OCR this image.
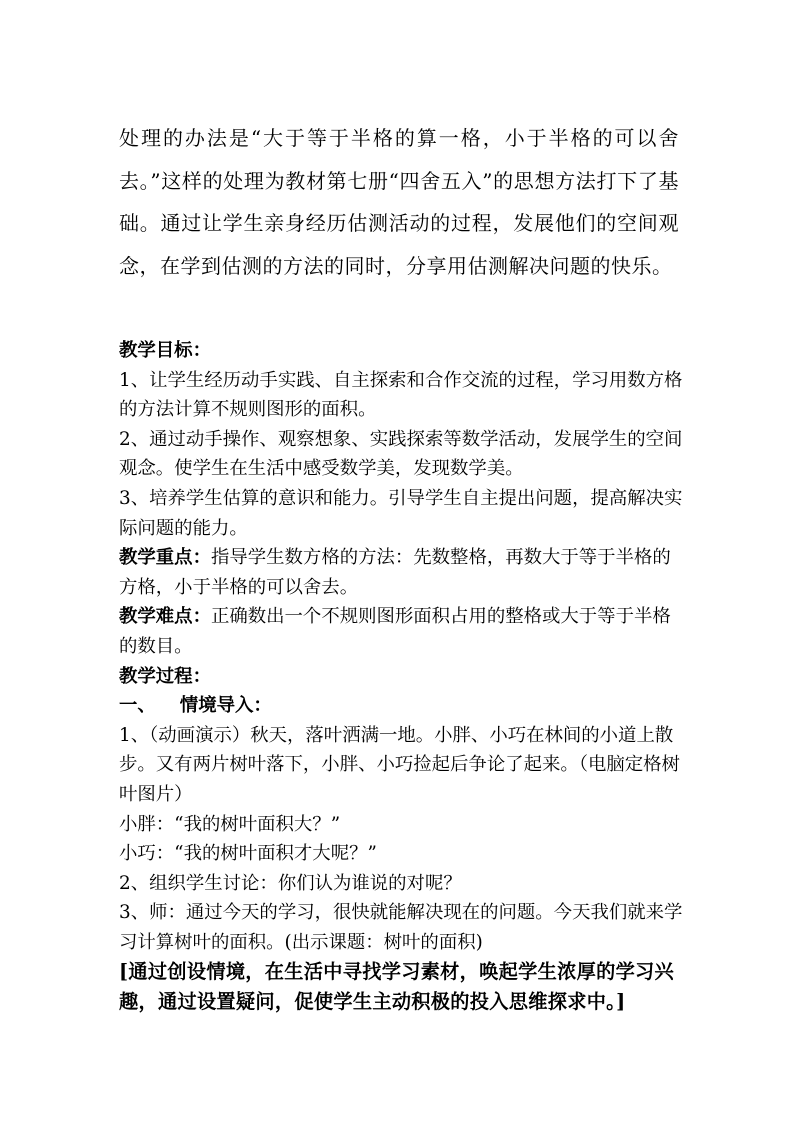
处理的办法是“大于等于半格的算一格，小于半格的可以舍去。”这样的处理为教材第七册“四舍五入”的思想方法打下了基础。通过让学生亲身经历估测活动的过程，发展他们的空间观念，在学到估测的方法的同时，分享用估测解决问题的快乐。

教学目标：

1、让学生经历动手实践、自主探索和合作交流的过程，学习用数方格的方法计算不规则图形的面积。

2、通过动手操作、观察想象、实践探索等数学活动，发展学生的空间观念。使学生在生活中感受数学美，发现数学美。

3、培养学生估算的意识和能力。引导学生自主提出问题，提高解决实际问题的能力。

教学重点：指导学生数方格的方法：先数整格，再数大于等于半格的方格，小于半格的可以舍去。

教学难点：正确数出一个不规则图形面积占用的整格或大于等于半格的数目。

教学过程：

一、 情境导入：

1、（动画演示）秋天，落叶洒满一地。小胖、小巧在林间的小道上散步。又有两片树叶落下，小胖、小巧捡起后争论了起来。（电脑定格树叶图片）

小胖：“我的树叶面积大？”

小巧：“我的树叶面积才大呢？”

2、组织学生讨论：你们认为谁说的对呢？

3、师：通过今天的学习，很快就能解决现在的问题。今天我们就来学习计算树叶的面积。(出示课题：树叶的面积)

[通过创设情境，在生活中寻找学习素材，唤起学生浓厚的学习兴趣，通过设置疑问，促使学生主动积极的投入思维探求中。]
